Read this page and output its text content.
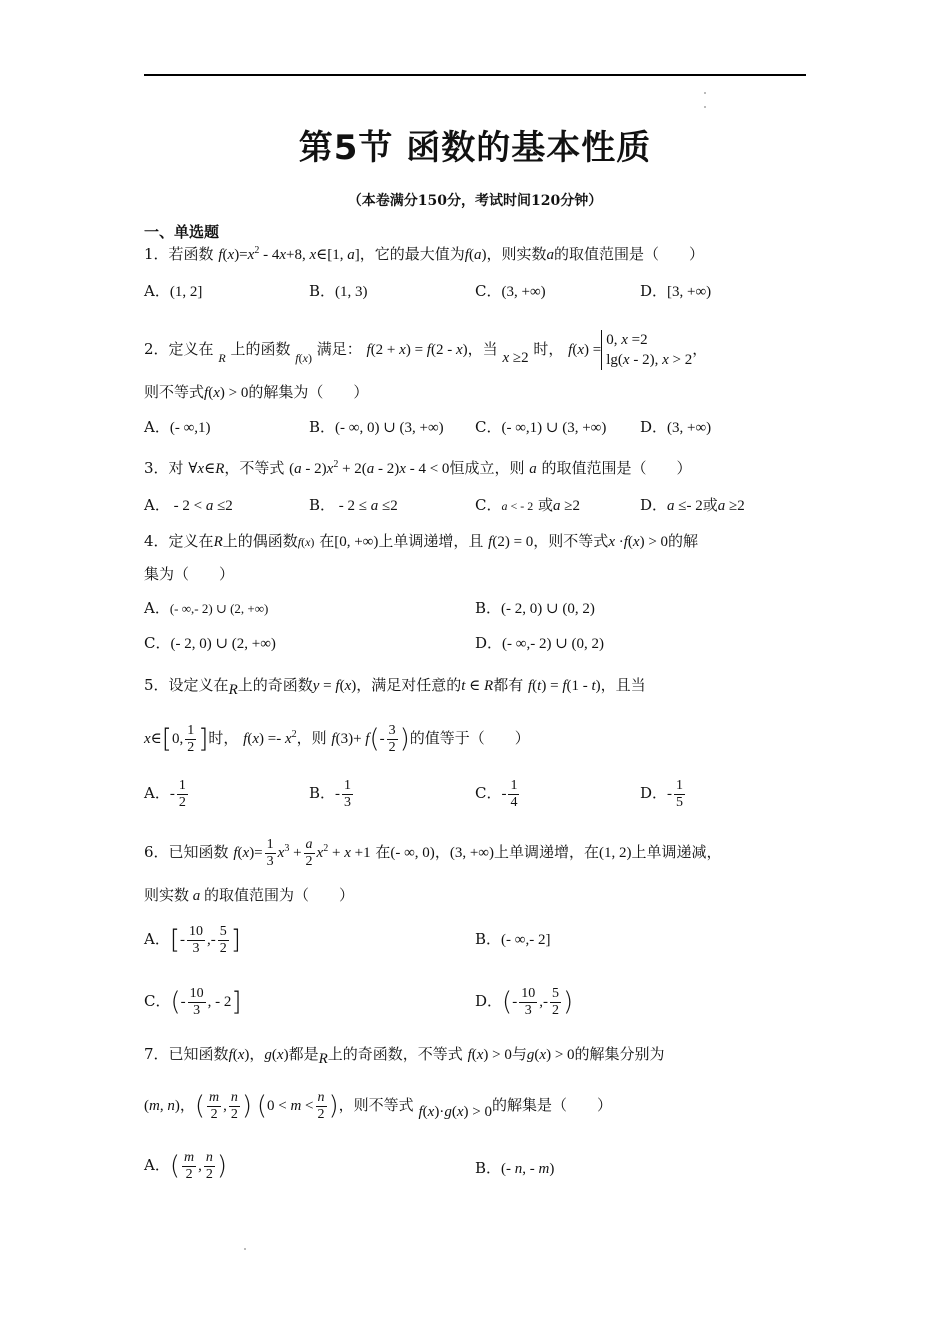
第5节 函数的基本性质
（本卷满分150分，考试时间120分钟）
一、单选题
1．若函数 $f(x)=x^2 - 4x+8$, x∈[1, a]，它的最大值为f(a)，则实数a的取值范围是（　　）
A．(1, 2]	B．(1, 3)	C．(3, +∞)	D．[3, +∞)
2．定义在 $_R$ 上的函数 $_{f(x)}$ 满足： f(2 + x) = f(2 - x)，当 x ≥2 时， f(x) =
0, x =2
lg(x - 2), x > 2
，
则不等式f(x) > 0的解集为（　　）
A．(- ∞,1)	B．(- ∞, 0) ∪ (3, +∞) C．(- ∞,1) ∪ (3, +∞) D．(3, +∞)
3．对 ∀x∈R，不等式 $(a - 2)x^2 + 2(a - 2)x - 4 < 0$恒成立，则 a 的取值范围是（　　）
A． - 2 < a ≤2	B． - 2 ≤ a ≤2	C．a < - 2 或a ≥2	D．a ≤- 2或a ≥2
4．定义在R上的偶函数f(x) 在[0, +∞)上单调递增，且 f(2) = 0，则不等式x ·f(x) > 0的解
集为（　　）
A．(- ∞,- 2) ∪ (2, +∞)	B．(- 2, 0) ∪ (0, 2)
C．(- 2, 0) ∪ (2, +∞)	D．(- ∞,- 2) ∪ (0, 2)
5．设定义在R上的奇函数y = f(x)，满足对任意的t ∈ R都有 f(t) = f(1 - t)，且当
x∈[0, $\frac{1}{2}$ ]时， $f(x) =- x^2$，则 $f(3)+ f(- \frac{3}{2}$ )的值等于（　　）
A．- $\frac{1}{2}$	B．- $\frac{1}{3}$	C．- $\frac{1}{4}$	D．- $\frac{1}{5}$
6．已知函数 $f(x)= \frac{1}{3} x^3 + \frac{a}{2} x^2 + x +1$ 在(- ∞, 0)，(3, +∞)上单调递增，在(1, 2)上单调递减，
则实数 a 的取值范围为（　　）
A．[- $\frac{10}{3}$ ,- $\frac{5}{2}$ ]	B．(- ∞,- 2]
C．(- $\frac{10}{3}$ , - 2]	D．(- $\frac{10}{3}$ ,- $\frac{5}{2}$ )
7．已知函数f(x)，g(x)都是R上的奇函数，不等式 f(x) > 0与g(x) > 0的解集分别为
(m, n)，( $\frac{m}{2}$ , $\frac{n}{2}$ ) ($0 < m < \frac{n}{2}$ )，则不等式 f(x)·g(x) > 0的解集是（　　）
A．( $\frac{m}{2}$ , $\frac{n}{2}$ )	B．(- n, - m)
